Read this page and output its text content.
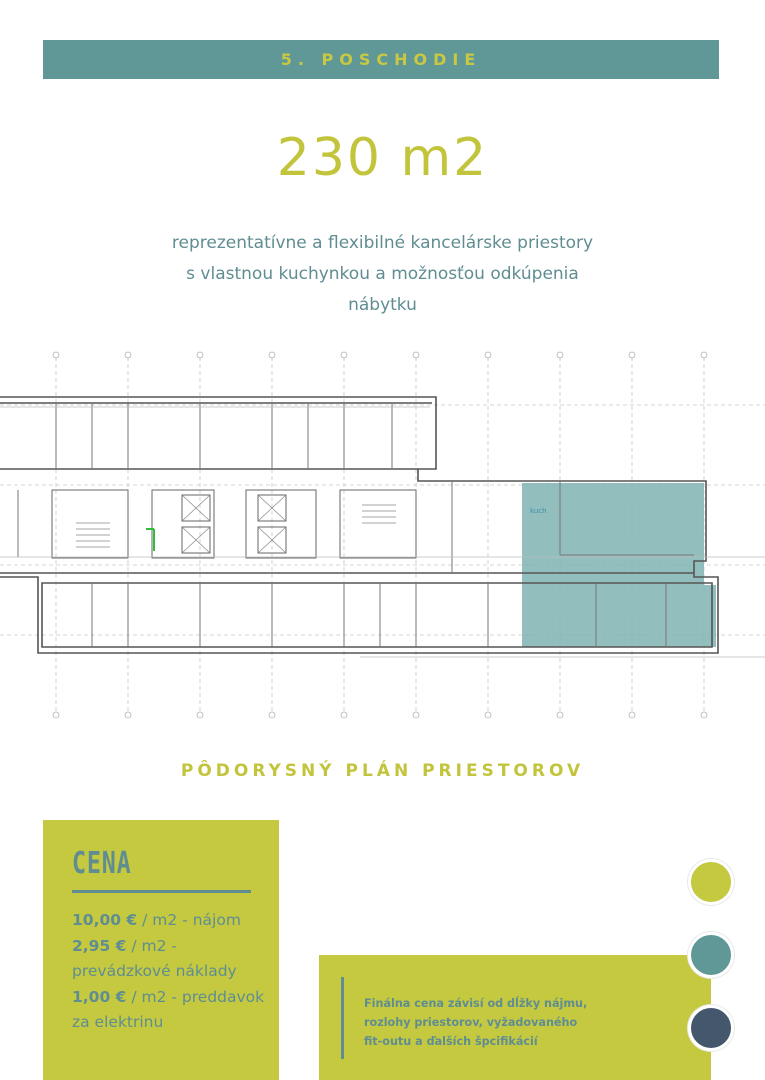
5. POSCHODIE
230 m2
reprezentatívne a flexibilné kancelárske priestory
s vlastnou kuchynkou a možnosťou odkúpenia
nábytku
kuch
PÔDORYSNÝ PLÁN PRIESTOROV
CENA
10,00 € / m2 - nájom
2,95 € / m2 - prevádzkové náklady
1,00 € / m2 - preddavok za elektrinu
Finálna cena závisí od dĺžky nájmu,
rozlohy priestorov, vyžadovaného
fit-outu a ďalších špcifikácií
